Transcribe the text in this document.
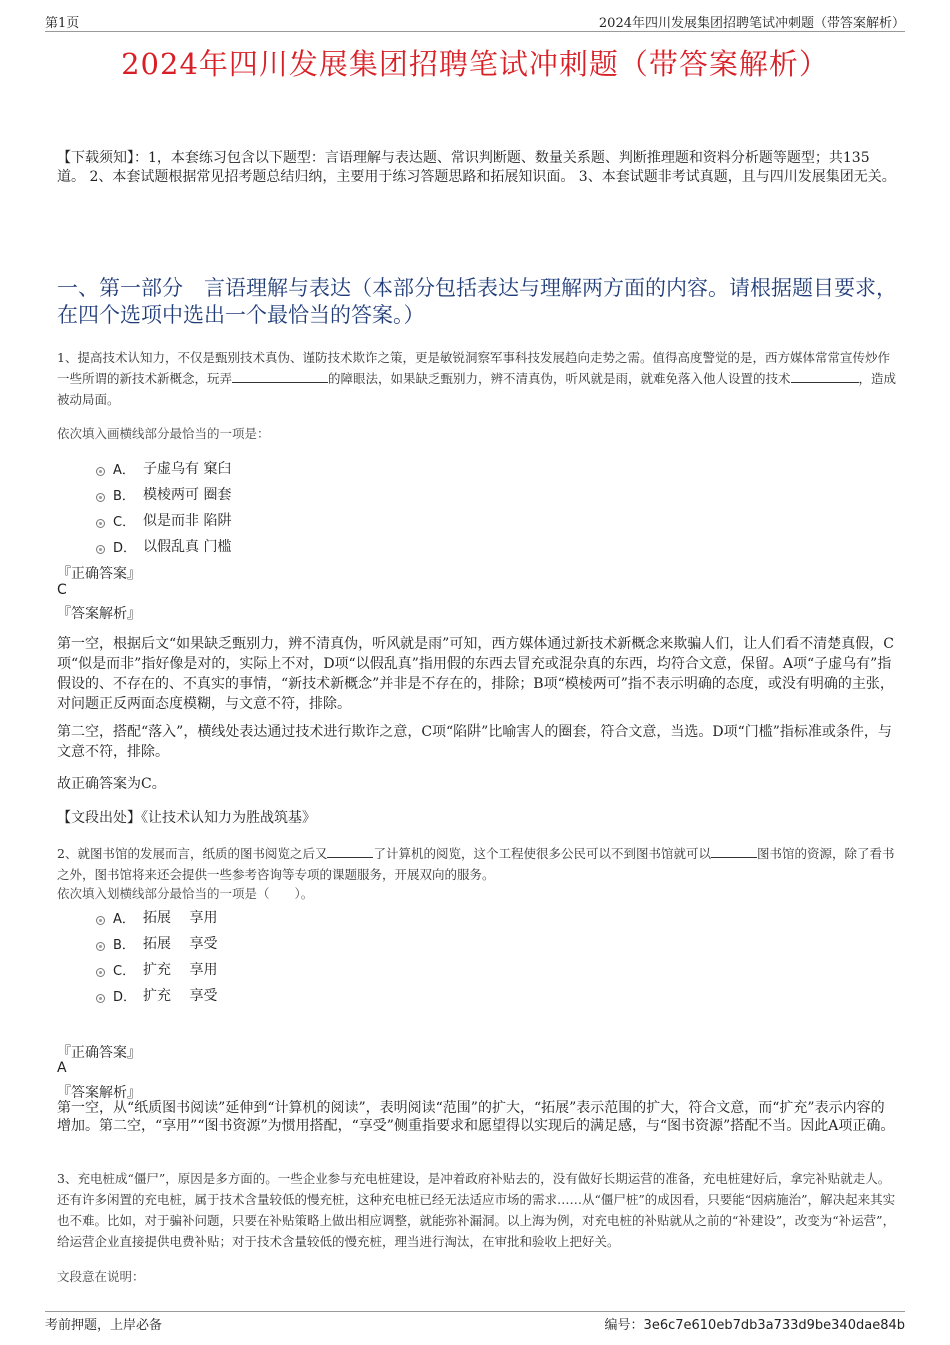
第1页	2024年四川发展集团招聘笔试冲刺题（带答案解析）
2024年四川发展集团招聘笔试冲刺题（带答案解析）
【下载须知】：1，本套练习包含以下题型：言语理解与表达题、常识判断题、数量关系题、判断推理题和资料分析题等题型；共135道。 2、本套试题根据常见招考题总结归纳，主要用于练习答题思路和拓展知识面。 3、本套试题非考试真题，且与四川发展集团无关。
一、第一部分　言语理解与表达（本部分包括表达与理解两方面的内容。请根据题目要求，在四个选项中选出一个最恰当的答案。）
1、提高技术认知力，不仅是甄别技术真伪、谨防技术欺诈之策，更是敏锐洞察军事科技发展趋向走势之需。值得高度警觉的是，西方媒体常常宣传炒作一些所谓的新技术新概念，玩弄	的障眼法，如果缺乏甄别力，辨不清真伪，听风就是雨，就难免落入他人设置的技术	，造成被动局面。
依次填入画横线部分最恰当的一项是：
A． 子虚乌有 窠臼
B． 模棱两可 圈套
C． 似是而非 陷阱
D． 以假乱真 门槛
『正确答案』
C
『答案解析』
第一空，根据后文“如果缺乏甄别力，辨不清真伪，听风就是雨”可知，西方媒体通过新技术新概念来欺骗人们，让人们看不清楚真假，C项“似是而非”指好像是对的，实际上不对，D项“以假乱真”指用假的东西去冒充或混杂真的东西，均符合文意，保留。A项“子虚乌有”指假设的、不存在的、不真实的事情，“新技术新概念”并非是不存在的，排除；B项“模棱两可”指不表示明确的态度，或没有明确的主张，对问题正反两面态度模糊，与文意不符，排除。
第二空，搭配“落入”，横线处表达通过技术进行欺诈之意，C项“陷阱”比喻害人的圈套，符合文意，当选。D项“门槛”指标准或条件，与文意不符，排除。
故正确答案为C。
【文段出处】《让技术认知力为胜战筑基》
2、就图书馆的发展而言，纸质的图书阅览之后又	了计算机的阅览，这个工程使很多公民可以不到图书馆就可以	图书馆的资源，除了看书之外，图书馆将来还会提供一些参考咨询等专项的课题服务，开展双向的服务。
依次填入划横线部分最恰当的一项是（　　）。
A． 拓展　 享用
B． 拓展　 享受
C． 扩充　 享用
D． 扩充　 享受
『正确答案』
A
『答案解析』
第一空，从“纸质图书阅读”延伸到“计算机的阅读”，表明阅读“范围”的扩大，“拓展”表示范围的扩大，符合文意，而“扩充”表示内容的增加。第二空，“享用”“图书资源”为惯用搭配，“享受”侧重指要求和愿望得以实现后的满足感，与“图书资源”搭配不当。因此A项正确。
3、充电桩成“僵尸”，原因是多方面的。一些企业参与充电桩建设，是冲着政府补贴去的，没有做好长期运营的准备，充电桩建好后，拿完补贴就走人。还有许多闲置的充电桩，属于技术含量较低的慢充桩，这种充电桩已经无法适应市场的需求……从“僵尸桩”的成因看，只要能“因病施治”，解决起来其实也不难。比如，对于骗补问题，只要在补贴策略上做出相应调整，就能弥补漏洞。以上海为例，对充电桩的补贴就从之前的“补建设”，改变为“补运营”，给运营企业直接提供电费补贴；对于技术含量较低的慢充桩，理当进行淘汰，在审批和验收上把好关。
文段意在说明：
考前押题，上岸必备	编号：3e6c7e610eb7db3a733d9be340dae84b
